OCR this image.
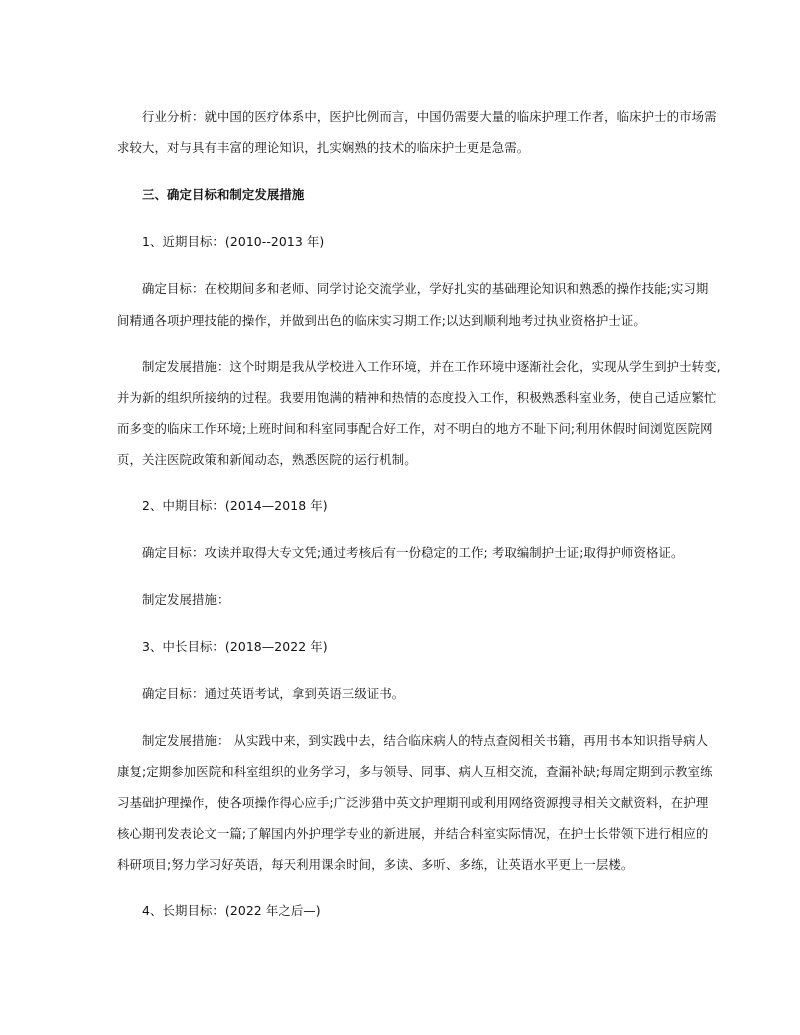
行业分析：就中国的医疗体系中，医护比例而言，中国仍需要大量的临床护理工作者，临床护士的市场需
求较大，对与具有丰富的理论知识，扎实娴熟的技术的临床护士更是急需。
三、确定目标和制定发展措施
1、近期目标：(2010--2013 年)
确定目标：在校期间多和老师、同学讨论交流学业，学好扎实的基础理论知识和熟悉的操作技能;实习期
间精通各项护理技能的操作，并做到出色的临床实习期工作;以达到顺利地考过执业资格护士证。
制定发展措施：这个时期是我从学校进入工作环境，并在工作环境中逐渐社会化，实现从学生到护士转变,
并为新的组织所接纳的过程。我要用饱满的精神和热情的态度投入工作，积极熟悉科室业务，使自己适应繁忙
而多变的临床工作环境;上班时间和科室同事配合好工作，对不明白的地方不耻下问;利用休假时间浏览医院网
页，关注医院政策和新闻动态，熟悉医院的运行机制。
2、中期目标：(2014—2018 年)
确定目标：攻读并取得大专文凭;通过考核后有一份稳定的工作; 考取编制护士证;取得护师资格证。
制定发展措施：
3、中长目标：(2018—2022 年)
确定目标：通过英语考试，拿到英语三级证书。
制定发展措施： 从实践中来，到实践中去，结合临床病人的特点查阅相关书籍，再用书本知识指导病人
康复;定期参加医院和科室组织的业务学习，多与领导、同事、病人互相交流，查漏补缺;每周定期到示教室练
习基础护理操作，使各项操作得心应手;广泛涉猎中英文护理期刊或利用网络资源搜寻相关文献资料，在护理
核心期刊发表论文一篇;了解国内外护理学专业的新进展，并结合科室实际情况，在护士长带领下进行相应的
科研项目;努力学习好英语，每天利用课余时间，多读、多听、多练，让英语水平更上一层楼。
4、长期目标：(2022 年之后—)
